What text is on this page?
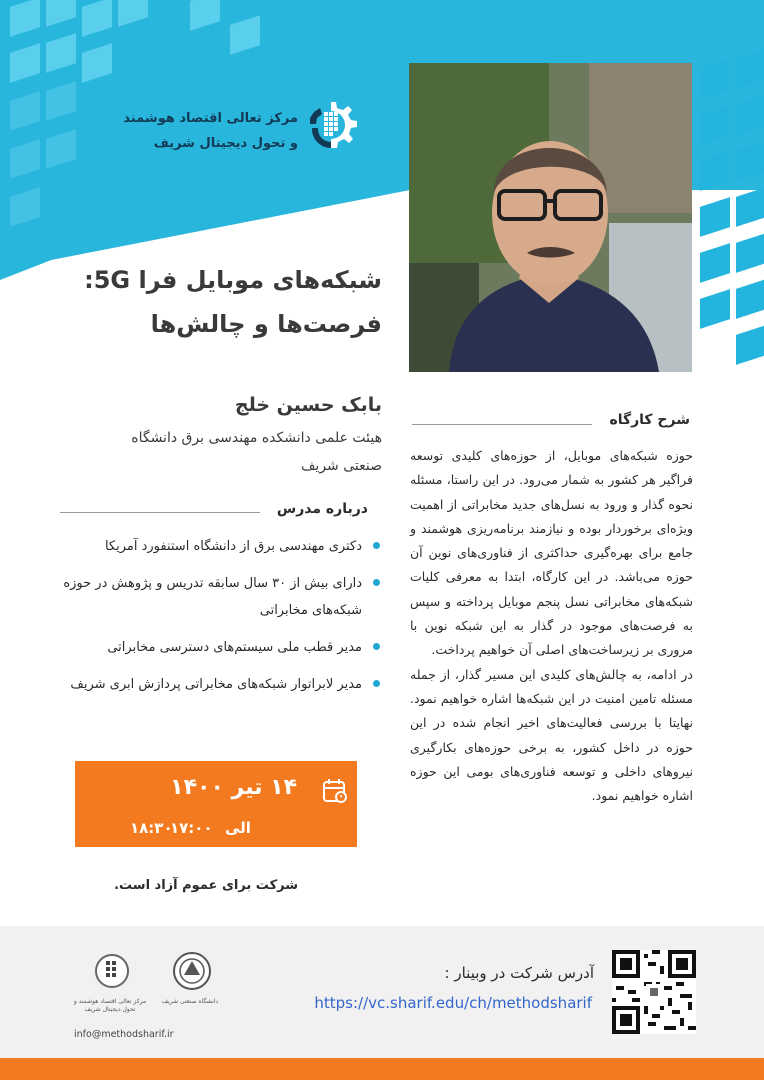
مرکز تعالی اقتصاد هوشمند
و تحول دیجیتال شریف
شبکه‌های موبایل فرا 5G:
فرصت‌ها و چالش‌ها
بابک حسین خلج
هیئت علمی دانشکده مهندسی برق دانشگاه صنعتی شریف
درباره مدرس
دکتری مهندسی برق از دانشگاه استنفورد آمریکا
دارای بیش از ۳۰ سال سابقه تدریس و پژوهش در حوزه شبکه‌های مخابراتی
مدیر قطب ملی سیستم‌های دسترسی مخابراتی
مدیر لابراتوار شبکه‌های مخابراتی پردازش ابری شریف
۱۴ تیر ۱۴۰۰
۱۷:۰۰ الی
۱۸:۳۰
شرکت برای عموم آزاد است.
شرح کارگاه
حوزه شبکه‌های موبایل، از حوزه‌های کلیدی توسعه فراگیر هر کشور به شمار می‌رود. در این راستا، مسئله نحوه گذار و ورود به نسل‌های جدید مخابراتی از اهمیت ویژه‌ای برخوردار بوده و نیازمند برنامه‌ریزی هوشمند و جامع برای بهره‌گیری حداکثری از فناوری‌های نوین آن حوزه می‌باشد. در این کارگاه، ابتدا به معرفی کلیات شبکه‌های مخابراتی نسل پنجم موبایل پرداخته و سپس به فرصت‌های موجود در گذار به این شبکه نوین با مروری بر زیرساخت‌های اصلی آن خواهیم پرداخت.
در ادامه، به چالش‌های کلیدی این مسیر گذار، از جمله مسئله تامین امنیت در این شبکه‌ها اشاره خواهیم نمود. نهایتا با بررسی فعالیت‌های اخیر انجام شده در این حوزه در داخل کشور، به برخی حوزه‌های بکارگیری نیروهای داخلی و توسعه فناوری‌های بومی این حوزه اشاره خواهیم نمود.
مرکز تعالی اقتصاد هوشمند و تحول دیجیتال شریف
دانشگاه صنعتی شریف
info@methodsharif.ir
آدرس شرکت در وبینار :
https://vc.sharif.edu/ch/methodsharif
